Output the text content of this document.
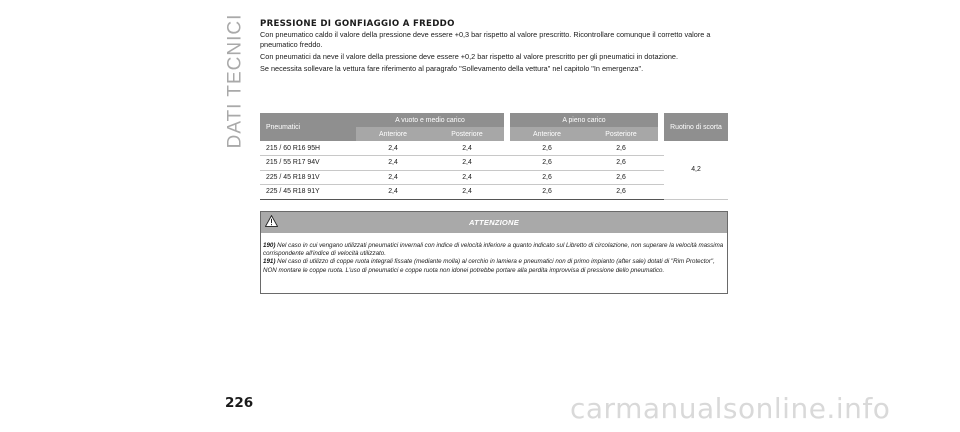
DATI TECNICI PRESSIONE DI GONFIAGGIO A FREDDO

Con pneumatico caldo il valore della pressione deve essere +0,3 bar rispetto al valore prescritto. Ricontrollare comunque il corretto valore a pneumatico freddo.

Con pneumatici da neve il valore della pressione deve essere +0,2 bar rispetto al valore prescritto per gli pneumatici in dotazione.

Se necessita sollevare la vettura fare riferimento al paragrafo "Sollevamento della vettura" nel capitolo "In emergenza".

Pneumatici	A vuoto e medio carico			A pieno carico			Ruotino di scorta
	Anteriore	Posteriore		Anteriore	Posteriore		
215 / 60 R16 95H	2,4	2,4		2,6	2,6		4,2
215 / 55 R17 94V	2,4	2,4		2,6	2,6		
225 / 45 R18 91V	2,4	2,4		2,6	2,6		
225 / 45 R18 91Y	2,4	2,4		2,6	2,6		
ATTENZIONE
190) Nel caso in cui vengano utilizzati pneumatici invernali con indice di velocità inferiore a quanto indicato sul Libretto di circolazione, non superare la velocità massima corrispondente all'indice di velocità utilizzato.
191) Nel caso di utilizzo di coppe ruota integrali fissate (mediante molla) al cerchio in lamiera e pneumatici non di primo impianto (after sale) dotati di "Rim Protector", NON montare le coppe ruota. L'uso di pneumatici e coppe ruota non idonei potrebbe portare alla perdita improvvisa di pressione dello pneumatico.
226	carmanualsonline.info
